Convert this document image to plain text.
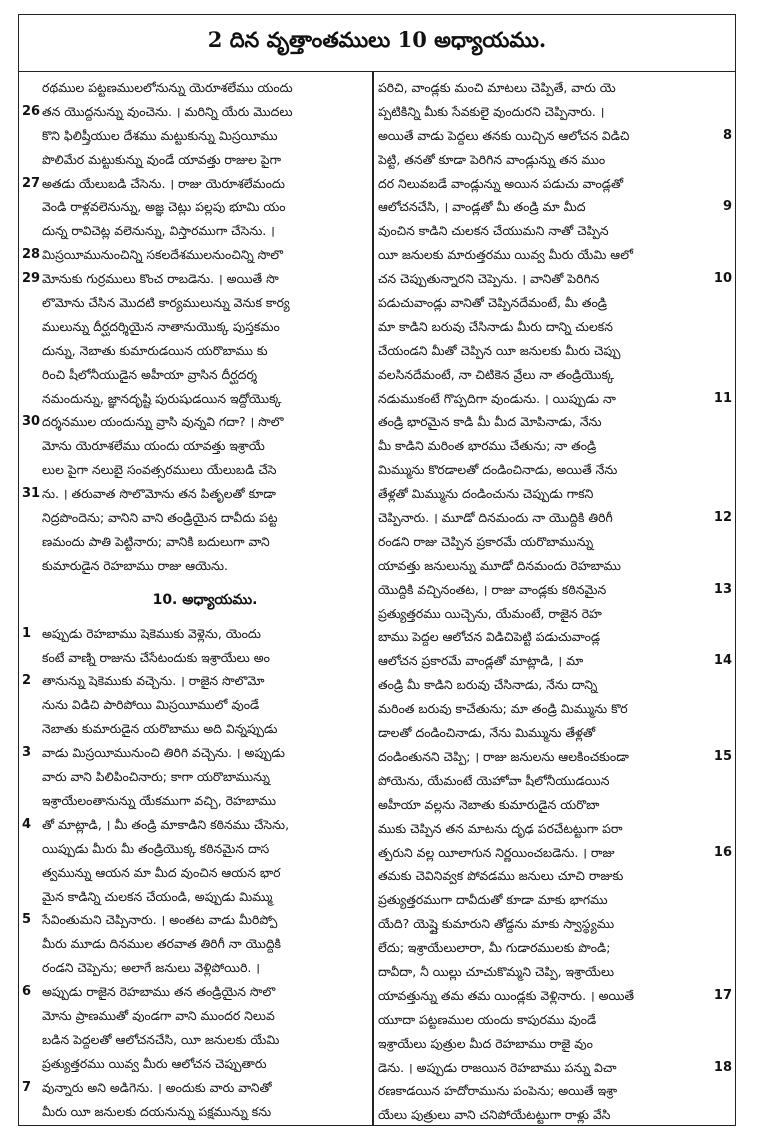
2 దిన వృత్తాంతములు 10 అధ్యాయము.
రథముల పట్టణములలోనున్ను యెరూశలేము యందు
26 తన యొద్దనున్ను వుంచెను. । మరిన్ని యేరు మొదలు
కొని ఫిలిష్తీయుల దేశము మట్టుకున్ను మిస్రయీము
పొలిమేర మట్టుకున్ను వుండే యావత్తు రాజుల పైగా
27 అతడు యేలుబడి చేసెను. । రాజు యెరూశలేమందు
వెండి రాళ్లవలెనున్ను, అజ్ఞ చెట్లు పల్లపు భూమి యం
దున్న రావిచెట్ల వలెనున్ను, విస్తారముగా చేసెను. ।
28 మిస్రయీమునుంచిన్ని సకలదేశములనుంచిన్ని సొలొ
29 మోనుకు గుర్రములు కొంచ రాబడెను. । అయితే సొ
లొమోను చేసిన మొదటి కార్యములున్ను వెనుక కార్య
ములున్ను దీర్ఘదర్శియైన నాతానుయొక్క పుస్తకమం
దున్ను, నెబాతు కుమారుడయిన యరొబాము కు
రించి షీలోనీయుడైన అహీయా వ్రాసిన దీర్ఘదర్శ
నమందున్ను, జ్ఞానదృష్టి పురుషుడయిన ఇద్దోయొక్క
30 దర్శనముల యందున్ను వ్రాసి వున్నవి గదా? । సొలొ
మోను యెరూశలేము యందు యావత్తు ఇశ్రాయే
లుల పైగా నలుబై సంవత్సరములు యేలుబడి చేసె
31 ను. । తరువాత సొలొమోను తన పితృలతో కూడా
నిద్రపొందెను; వానిని వాని తండ్రియైన దావీదు పట్ట
ణమందు పాతి పెట్టినారు; వానికి బదులుగా వాని
కుమారుడైన రెహబాము రాజు ఆయెను.
10. అధ్యాయము.
1 అప్పుడు రెహబాము షెకెముకు వెళ్లెను, యెందు
కంటే వాణ్ని రాజును చేసేటందుకు ఇశ్రాయేలు అం
2 తానున్ను షెకెముకు వచ్చెను. । రాజైన సొలొమో
నును విడిచి పారిపోయి మిస్రయీములో వుండే
నెబాతు కుమారుడైన యరొబాము అది విన్నప్పుడు
3 వాడు మిస్రయీమునుంచి తిరిగి వచ్చెను. । అప్పుడు
వారు వాని పిలిపించినారు; కాగా యరొబామున్ను
ఇశ్రాయేలంతానున్ను యేకముగా వచ్చి, రెహబాము
4 తో మాట్లాడి, । మీ తండ్రి మాకాడిని కఠినము చేసెను,
యిప్పుడు మీరు మీ తండ్రియొక్క కఠినమైన దాస
త్వమున్ను ఆయన మా మీద వుంచిన ఆయన భార
మైన కాడిన్ని చులకన చేయండి, అప్పుడు మిమ్ము
5 సేవింతుమని చెప్పినారు. । అంతట వాడు మీరిప్పో
మీరు మూడు దినముల తరవాత తిరిగీ నా యొద్దికి
రండని చెప్పెను; అలాగే జనులు వెళ్లిపోయిరి. ।
6 అప్పుడు రాజైన రెహబాము తన తండ్రియైన సొలొ
మోను ప్రాణముతో వుండగా వాని ముందర నిలువ
బడిన పెద్దలతో ఆలోచనచేసి, యీ జనులకు యేమి
ప్రత్యుత్తరము యివ్వ మీరు ఆలోచన చెప్పుతారు
7 వున్నారు అని అడిగెను. । అందుకు వారు వానితో
మీరు యీ జనులకు దయనున్ను పక్షమున్ను కను
పరిచి, వాండ్లకు మంచి మాటలు చెప్పితే, వారు యె
ప్పటికిన్ని మీకు సేవకులై వుందురని చెప్పినారు. ।
8
అయితే వాడు పెద్దలు తనకు యిచ్చిన ఆలోచన విడిచి
పెట్టి, తనతో కూడా పెరిగిన వాండ్లున్ను తన ముం
దర నిలువబడే వాండ్లున్ను అయిన పడుచు వాండ్లతో
9
ఆలోచనచేసి, । వాండ్లతో మీ తండ్రి మా మీద
వుంచిన కాడిని చులకన చేయుమని నాతో చెప్పిన
యీ జనులకు మారుత్తరము యివ్వ మీరు యేమి ఆలో
10
చన చెప్పుతున్నారని చెప్పెను. । వానితో పెరిగిన
పడుచువాండ్లు వానితో చెప్పినదేమంటే, మీ తండ్రి
మా కాడిని బరువు చేసినాడు మీరు దాన్ని చులకన
చేయండని మీతో చెప్పిన యీ జనులకు మీరు చెప్పు
వలసినదేమంటే, నా చిటికెన వ్రేలు నా తండ్రియొక్క
11
నడుముకంటే గొప్పదిగా వుండును. । యిప్పుడు నా
తండ్రి భారమైన కాడి మీ మీద మోపినాడు, నేను
మీ కాడిని మరింత భారము చేతును; నా తండ్రి
మిమ్మును కొరడాలతో దండించినాడు, అయితే నేను
తేళ్లతో మిమ్మును దండించును చెప్పుడు గాకని
12
చెప్పినారు. । మూడో దినమందు నా యొద్దికి తిరిగీ
రండని రాజు చెప్పిన ప్రకారమే యరొబామున్ను
యావత్తు జనులున్ను మూడో దినమందు రెహబాము
13
యొద్దికి వచ్చినంతట, । రాజు వాండ్లకు కఠినమైన
ప్రత్యుత్తరము యిచ్చెను, యేమంటే, రాజైన రెహ
బాము పెద్దల ఆలోచన విడిచిపెట్టి పడుచువాండ్ల
14
ఆలోచన ప్రకారమే వాండ్లతో మాట్లాడి, । మా
తండ్రి మీ కాడిని బరువు చేసినాడు, నేను దాన్ని
మరింత బరువు కాచేతును; మా తండ్రి మిమ్మును కొర
డాలతో దండించినాడు, నేను మిమ్మును తేళ్లతో
15
దండింతునని చెప్పి; । రాజు జనులను ఆలకించకుండా
పోయెను, యేమంటే యెహోవా షీలోనీయుడయిన
అహీయా వల్లను నెబాతు కుమారుడైన యరొబా
ముకు చెప్పిన తన మాటను దృఢ పరచేటట్టుగా పరా
16
త్పరుని వల్ల యీలాగున నిర్ణయించబడెను. । రాజు
తమకు చెవినివ్వక పోవడము జనులు చూచి రాజుకు
ప్రత్యుత్తరముగా దావీదుతో కూడా మాకు భాగము
యేది? యెష్షై కుమారుని తోడ్దను మాకు స్వాస్థ్యము
లేదు; ఇశ్రాయేలులారా, మీ గుడారములకు పొండి;
దావీదా, నీ యిల్లు చూచుకొమ్మని చెప్పి, ఇశ్రాయేలు
17
యావత్తున్ను తమ తమ యిండ్లకు వెళ్లినారు. । అయితే
యూదా పట్టణముల యందు కాపురము వుండే
ఇశ్రాయేలు పుత్రుల మీద రెహబాము రాజై వుం
18
డెను. । అప్పుడు రాజయిన రెహబాము పన్ను విచా
రణకాడయిన హదోరామును పంపెను; అయితే ఇశ్రా
యేలు పుత్రులు వాని చనిపోయేటట్టుగా రాళ్లు వేసి
